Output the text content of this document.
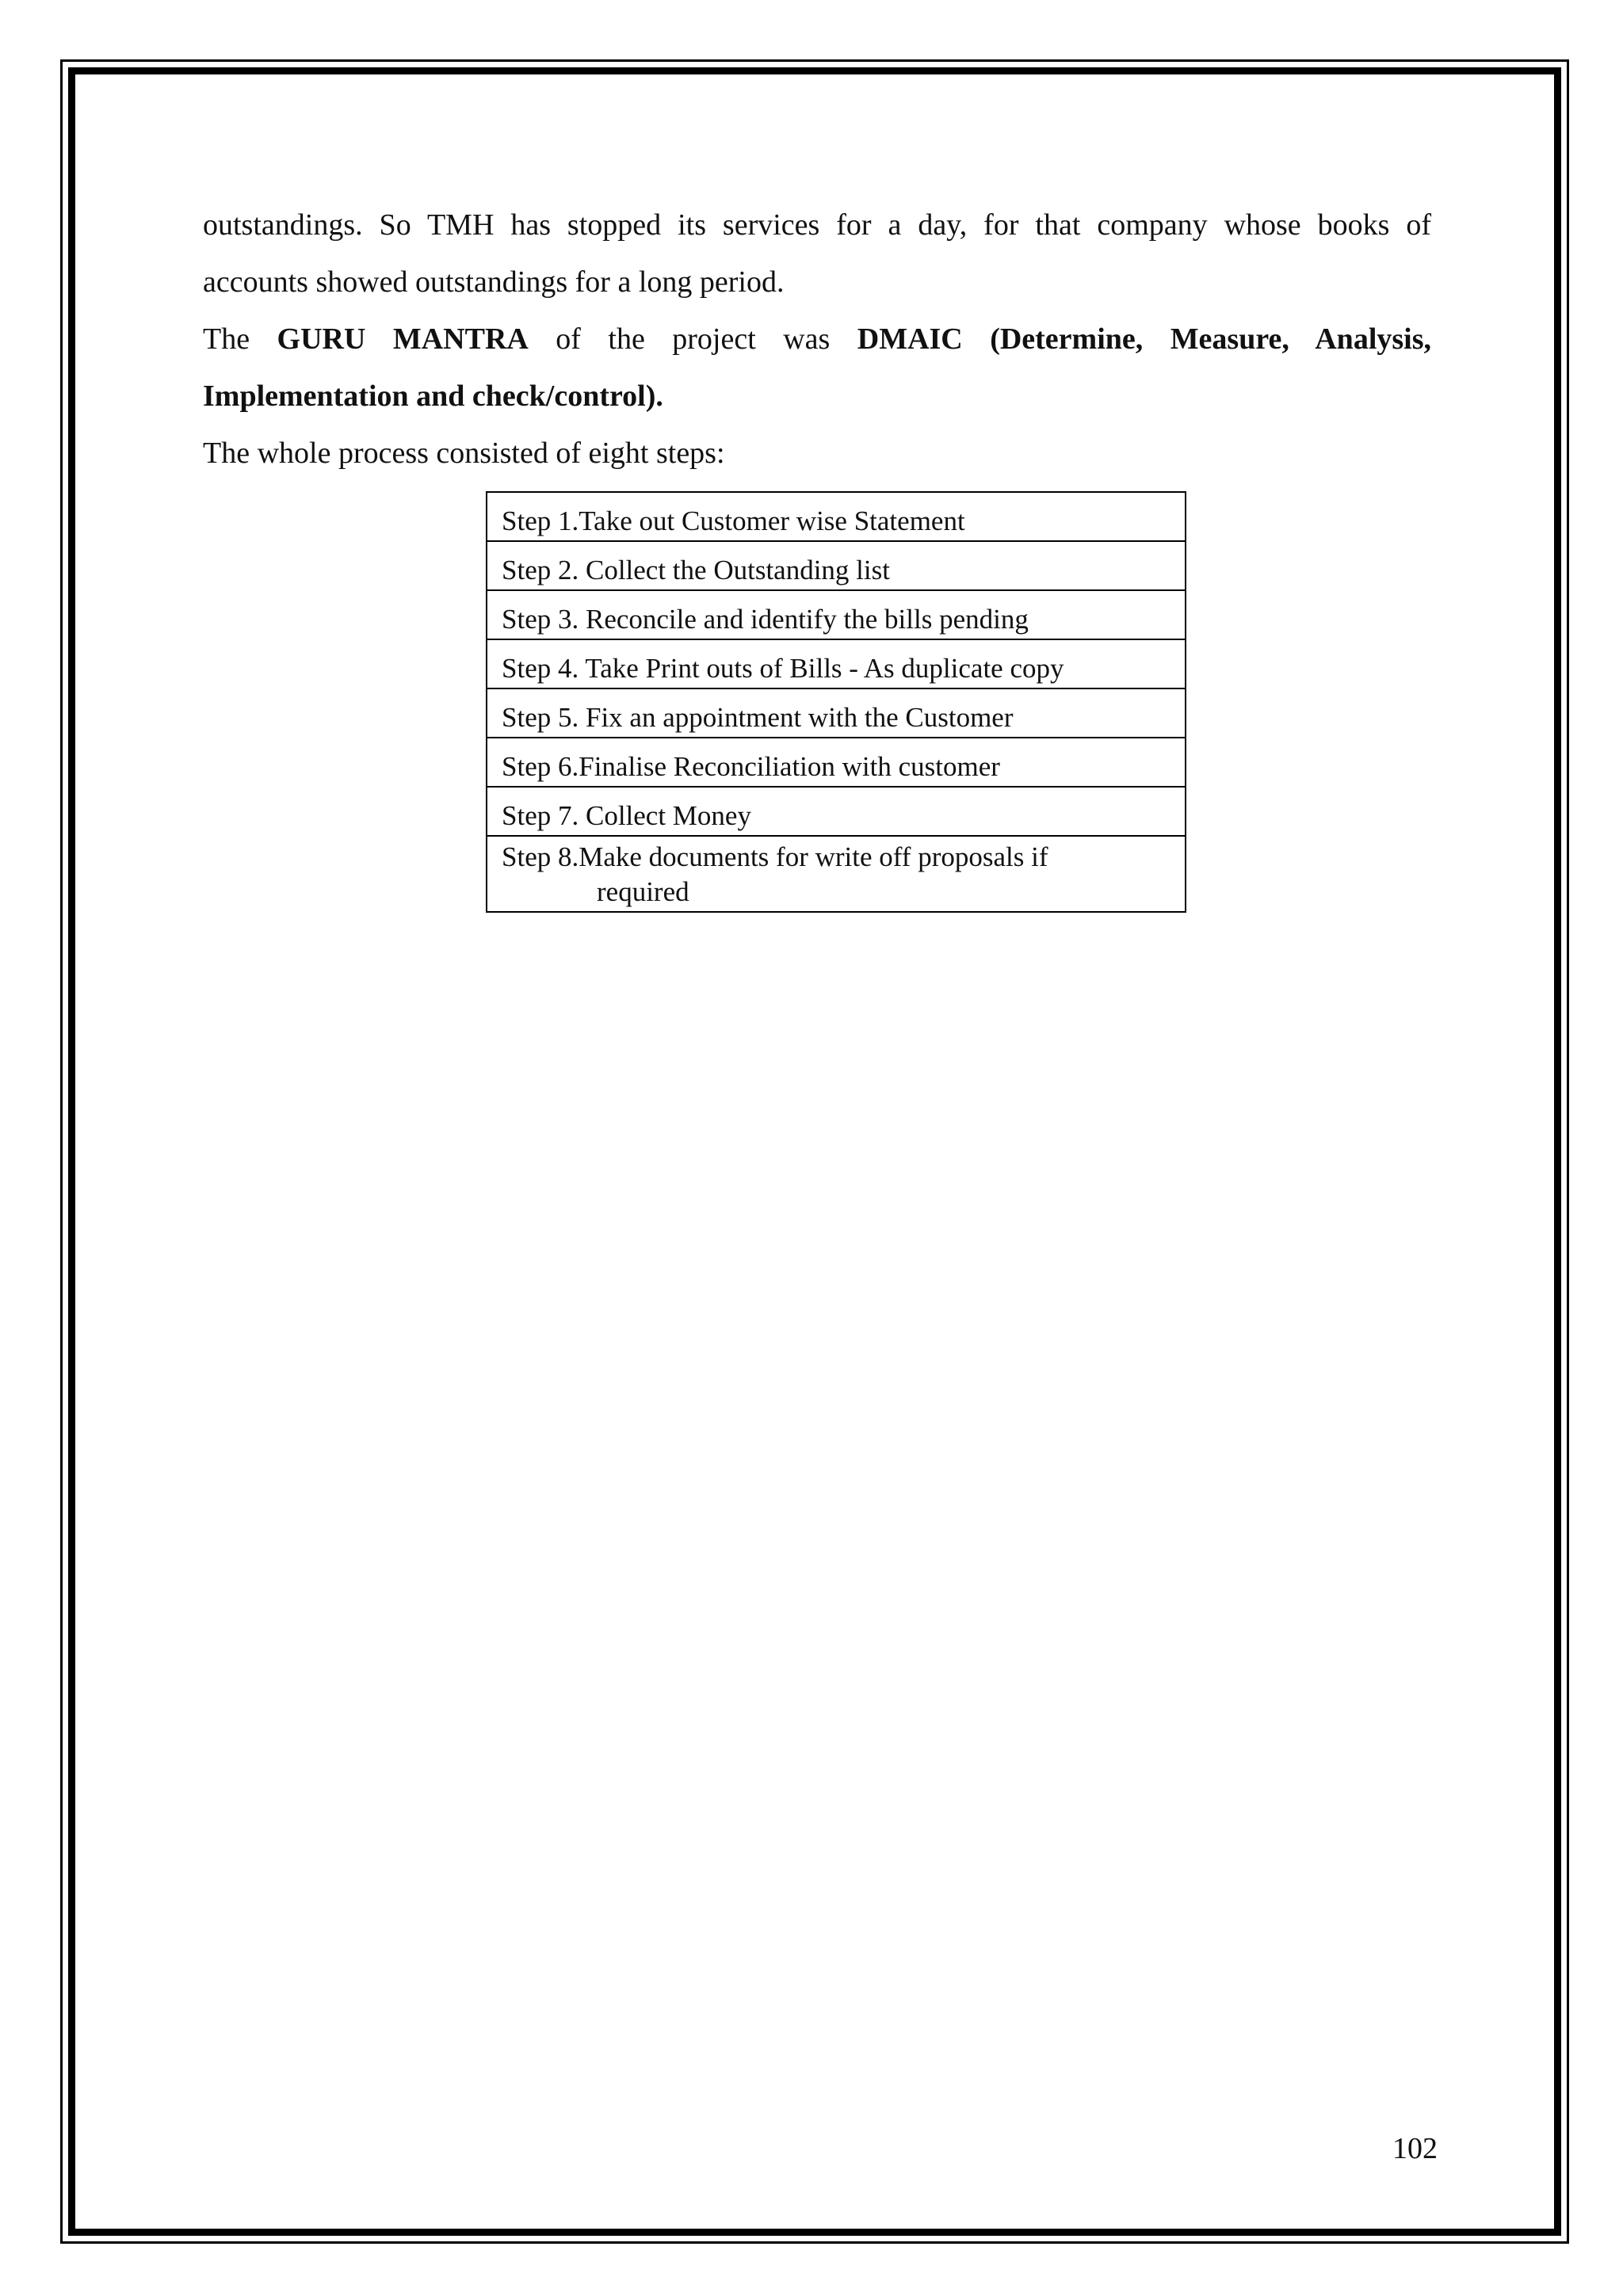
outstandings. So TMH has stopped its services for a day, for that company whose books of

accounts showed outstandings for a long period.

The GURU MANTRA of the project was DMAIC (Determine, Measure, Analysis,

Implementation and check/control).

The whole process consisted of eight steps:

Step 1.Take out Customer wise Statement
Step 2. Collect the Outstanding list
Step 3. Reconcile and identify the bills pending
Step 4. Take Print outs of Bills - As duplicate copy
Step 5. Fix an appointment with the Customer
Step 6.Finalise Reconciliation with customer
Step 7. Collect Money
Step 8.Make documents for write off proposals if
required
102
